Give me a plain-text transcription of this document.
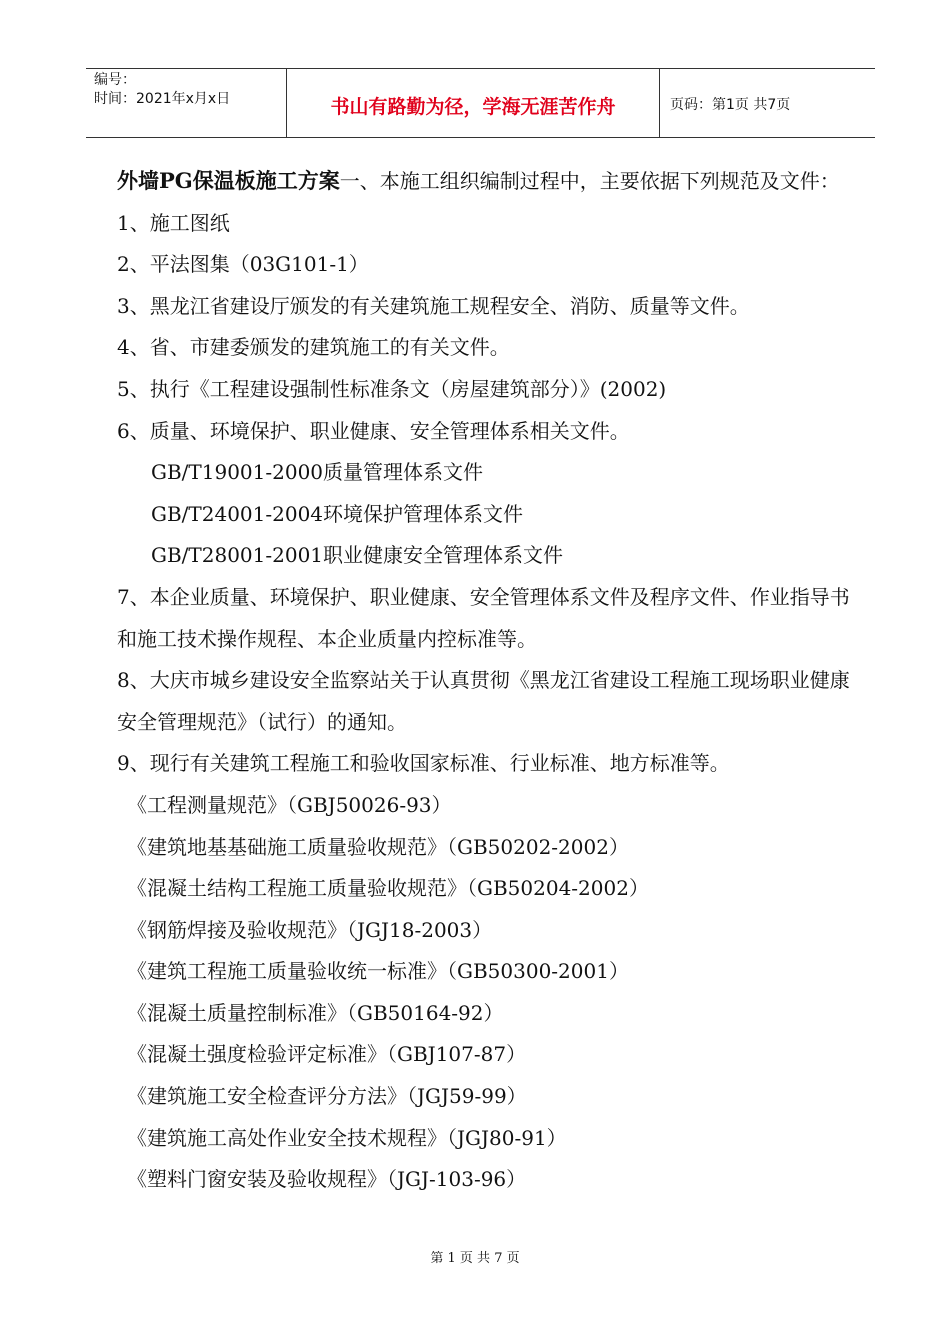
编号：
时间：2021年x月x日	书山有路勤为径，学海无涯苦作舟	页码：第1页 共7页

外墙PG保温板施工方案一、本施工组织编制过程中，主要依据下列规范及文件：

1、施工图纸

2、平法图集（03G101-1）

3、黑龙江省建设厅颁发的有关建筑施工规程安全、消防、质量等文件。

4、省、市建委颁发的建筑施工的有关文件。

5、执行《工程建设强制性标准条文（房屋建筑部分）》(2002)

6、质量、环境保护、职业健康、安全管理体系相关文件。

GB/T19001-2000质量管理体系文件

GB/T24001-2004环境保护管理体系文件

GB/T28001-2001职业健康安全管理体系文件

7、本企业质量、环境保护、职业健康、安全管理体系文件及程序文件、作业指导书和施工技术操作规程、本企业质量内控标准等。

8、大庆市城乡建设安全监察站关于认真贯彻《黑龙江省建设工程施工现场职业健康安全管理规范》（试行）的通知。

9、现行有关建筑工程施工和验收国家标准、行业标准、地方标准等。

《工程测量规范》（GBJ50026-93）

《建筑地基基础施工质量验收规范》（GB50202-2002）

《混凝土结构工程施工质量验收规范》（GB50204-2002）

《钢筋焊接及验收规范》（JGJ18-2003）

《建筑工程施工质量验收统一标准》（GB50300-2001）

《混凝土质量控制标准》（GB50164-92）

《混凝土强度检验评定标准》（GBJ107-87）

《建筑施工安全检查评分方法》（JGJ59-99）

《建筑施工高处作业安全技术规程》（JGJ80-91）

《塑料门窗安装及验收规程》（JGJ-103-96）

第 1 页 共 7 页
